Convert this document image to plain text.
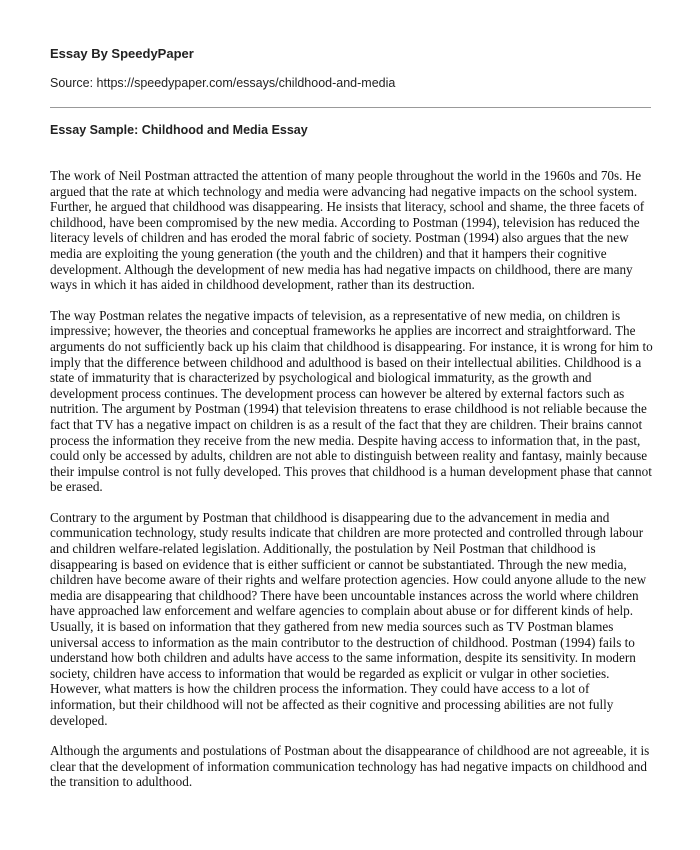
Essay By SpeedyPaper
Source: https://speedypaper.com/essays/childhood-and-media
Essay Sample: Childhood and Media Essay

The work of Neil Postman attracted the attention of many people throughout the world in the 1960s and 70s. He argued that the rate at which technology and media were advancing had negative impacts on the school system. Further, he argued that childhood was disappearing. He insists that literacy, school and shame, the three facets of childhood, have been compromised by the new media. According to Postman (1994), television has reduced the literacy levels of children and has eroded the moral fabric of society. Postman (1994) also argues that the new media are exploiting the young generation (the youth and the children) and that it hampers their cognitive development. Although the development of new media has had negative impacts on childhood, there are many ways in which it has aided in childhood development, rather than its destruction.

The way Postman relates the negative impacts of television, as a representative of new media, on children is impressive; however, the theories and conceptual frameworks he applies are incorrect and straightforward. The arguments do not sufficiently back up his claim that childhood is disappearing. For instance, it is wrong for him to imply that the difference between childhood and adulthood is based on their intellectual abilities. Childhood is a state of immaturity that is characterized by psychological and biological immaturity, as the growth and development process continues. The development process can however be altered by external factors such as nutrition. The argument by Postman (1994) that television threatens to erase childhood is not reliable because the fact that TV has a negative impact on children is as a result of the fact that they are children. Their brains cannot process the information they receive from the new media. Despite having access to information that, in the past, could only be accessed by adults, children are not able to distinguish between reality and fantasy, mainly because their impulse control is not fully developed. This proves that childhood is a human development phase that cannot be erased.

Contrary to the argument by Postman that childhood is disappearing due to the advancement in media and communication technology, study results indicate that children are more protected and controlled through labour and children welfare-related legislation. Additionally, the postulation by Neil Postman that childhood is disappearing is based on evidence that is either sufficient or cannot be substantiated. Through the new media, children have become aware of their rights and welfare protection agencies. How could anyone allude to the new media are disappearing that childhood? There have been uncountable instances across the world where children have approached law enforcement and welfare agencies to complain about abuse or for different kinds of help. Usually, it is based on information that they gathered from new media sources such as TV Postman blames universal access to information as the main contributor to the destruction of childhood. Postman (1994) fails to understand how both children and adults have access to the same information, despite its sensitivity. In modern society, children have access to information that would be regarded as explicit or vulgar in other societies. However, what matters is how the children process the information. They could have access to a lot of information, but their childhood will not be affected as their cognitive and processing abilities are not fully developed.

Although the arguments and postulations of Postman about the disappearance of childhood are not agreeable, it is clear that the development of information communication technology has had negative impacts on childhood and the transition to adulthood.
